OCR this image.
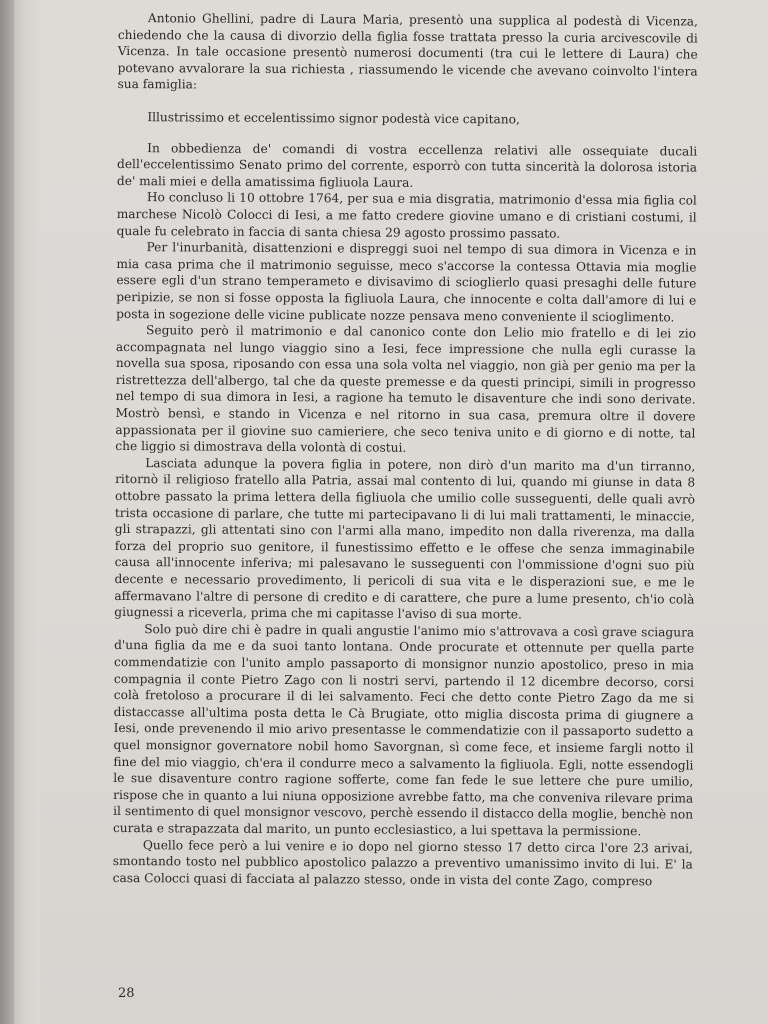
Antonio Ghellini, padre di Laura Maria, presentò una supplica al podestà di Vicenza, chiedendo che la causa di divorzio della figlia fosse trattata presso la curia arcivescovile di Vicenza. In tale occasione presentò numerosi documenti (tra cui le lettere di Laura) che potevano avvalorare la sua richiesta , riassumendo le vicende che avevano coinvolto l'intera sua famiglia:

Illustrissimo et eccelentissimo signor podestà vice capitano,

In obbedienza de' comandi di vostra eccellenza relativi alle ossequiate ducali dell'eccelentissimo Senato primo del corrente, esporrò con tutta sincerità la dolorosa istoria de' mali miei e della amatissima figliuola Laura.

Ho concluso li 10 ottobre 1764, per sua e mia disgratia, matrimonio d'essa mia figlia col marchese Nicolò Colocci di Iesi, a me fatto credere giovine umano e di cristiani costumi, il quale fu celebrato in faccia di santa chiesa 29 agosto prossimo passato.

Per l'inurbanità, disattenzioni e dispreggi suoi nel tempo di sua dimora in Vicenza e in mia casa prima che il matrimonio seguisse, meco s'accorse la contessa Ottavia mia moglie essere egli d'un strano temperameto e divisavimo di scioglierlo quasi presaghi delle future peripizie, se non si fosse opposta la figliuola Laura, che innocente e colta dall'amore di lui e posta in sogezione delle vicine publicate nozze pensava meno conveniente il scioglimento.

Seguito però il matrimonio e dal canonico conte don Lelio mio fratello e di lei zio accompagnata nel lungo viaggio sino a Iesi, fece impressione che nulla egli curasse la novella sua sposa, riposando con essa una sola volta nel viaggio, non già per genio ma per la ristrettezza dell'albergo, tal che da queste premesse e da questi principi, simili in progresso nel tempo di sua dimora in Iesi, a ragione ha temuto le disaventure che indi sono derivate. Mostrò bensì, e stando in Vicenza e nel ritorno in sua casa, premura oltre il dovere appassionata per il giovine suo camieriere, che seco teniva unito e di giorno e di notte, tal che liggio si dimostrava della volontà di costui.

Lasciata adunque la povera figlia in potere, non dirò d'un marito ma d'un tirranno, ritornò il religioso fratello alla Patria, assai mal contento di lui, quando mi giunse in data 8 ottobre passato la prima lettera della figliuola che umilio colle susseguenti, delle quali avrò trista occasione di parlare, che tutte mi partecipavano li di lui mali trattamenti, le minaccie, gli strapazzi, gli attentati sino con l'armi alla mano, impedito non dalla riverenza, ma dalla forza del proprio suo genitore, il funestissimo effetto e le offese che senza immaginabile causa all'innocente inferiva; mi palesavano le susseguenti con l'ommissione d'ogni suo più decente e necessario provedimento, li pericoli di sua vita e le disperazioni sue, e me le affermavano l'altre di persone di credito e di carattere, che pure a lume presento, ch'io colà giugnessi a riceverla, prima che mi capitasse l'aviso di sua morte.

Solo può dire chi è padre in quali angustie l'animo mio s'attrovava a così grave sciagura d'una figlia da me e da suoi tanto lontana. Onde procurate et ottennute per quella parte commendatizie con l'unito amplo passaporto di monsignor nunzio apostolico, preso in mia compagnia il conte Pietro Zago con li nostri servi, partendo il 12 dicembre decorso, corsi colà fretoloso a procurare il di lei salvamento. Feci che detto conte Pietro Zago da me si distaccasse all'ultima posta detta le Cà Brugiate, otto miglia discosta prima di giugnere a Iesi, onde prevenendo il mio arivo presentasse le commendatizie con il passaporto sudetto a quel monsignor governatore nobil homo Savorgnan, sì come fece, et insieme fargli notto il fine del mio viaggio, ch'era il condurre meco a salvamento la figliuola. Egli, notte essendogli le sue disaventure contro ragione sofferte, come fan fede le sue lettere che pure umilio, rispose che in quanto a lui niuna opposizione avrebbe fatto, ma che conveniva rilevare prima il sentimento di quel monsignor vescovo, perchè essendo il distacco della moglie, benchè non curata e strapazzata dal marito, un punto ecclesiastico, a lui spettava la permissione.

Quello fece però a lui venire e io dopo nel giorno stesso 17 detto circa l'ore 23 arivai, smontando tosto nel pubblico apostolico palazzo a preventivo umanissimo invito di lui. E' la casa Colocci quasi di facciata al palazzo stesso, onde in vista del conte Zago, compreso

28
